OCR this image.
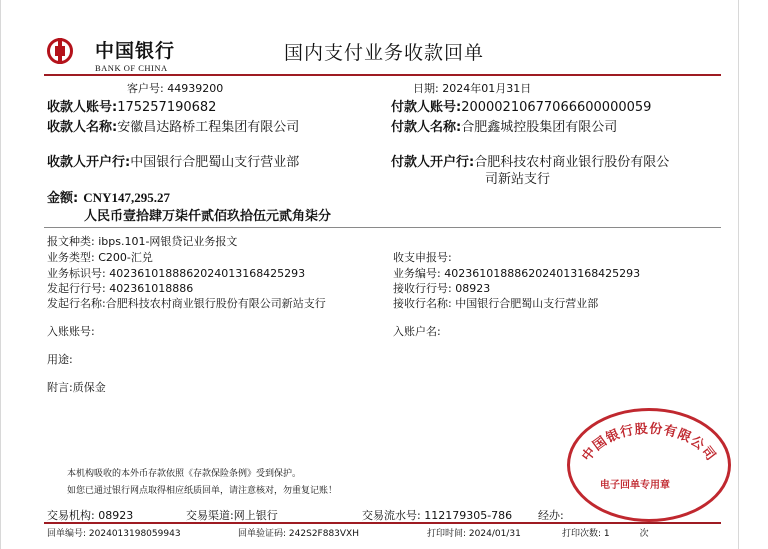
中国银行
BANK OF CHINA
国内支付业务收款回单
客户号: 44939200	日期: 2024年01月31日
收款人账号:175257190682	付款人账号:20000210677066600000059
收款人名称:安徽昌达路桥工程集团有限公司	付款人名称:合肥鑫城控股集团有限公司
收款人开户行:中国银行合肥蜀山支行营业部	付款人开户行:合肥科技农村商业银行股份有限公
司新站支行
金额: CNY147,295.27
人民币壹拾肆万柒仟贰佰玖拾伍元贰角柒分
报文种类: ibps.101-网银贷记业务报文
业务类型: C200-汇兑
业务标识号: 4023610188862024013168425293
发起行行号: 402361018886
发起行名称:合肥科技农村商业银行股份有限公司新站支行
收支申报号:
业务编号: 4023610188862024013168425293
接收行行号: 08923
接收行名称: 中国银行合肥蜀山支行营业部
入账账号:	入账户名:
用途:
附言:质保金
本机构吸收的本外币存款依照《存款保险条例》受到保护。
如您已通过银行网点取得相应纸质回单，请注意核对，勿重复记账！
中国银行股份有限公司
电子回单专用章
交易机构: 08923	交易渠道:网上银行	交易流水号: 112179305-786 经办:
回单编号: 2024013198059943	回单验证码: 242S2F883VXH	打印时间: 2024/01/31	打印次数: 1	次
